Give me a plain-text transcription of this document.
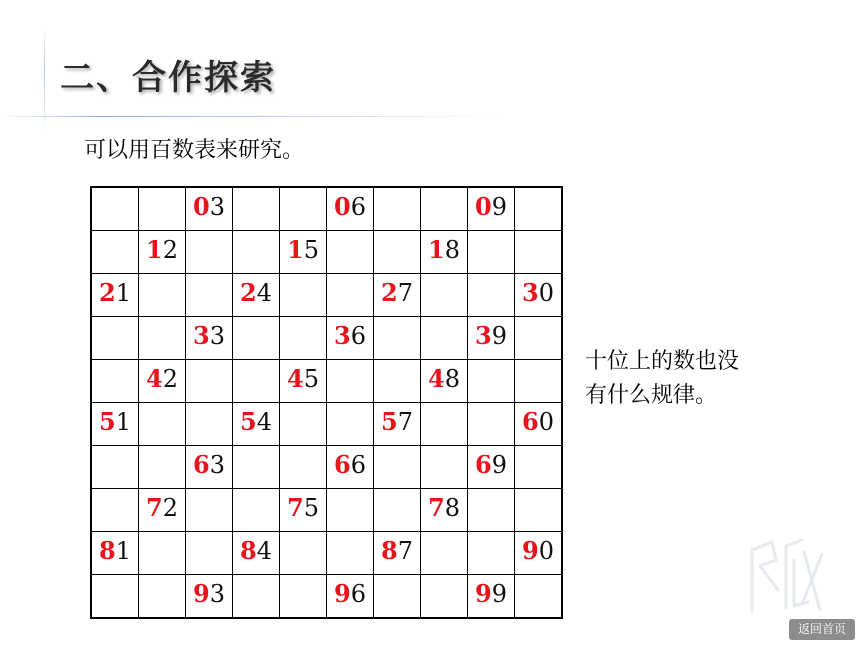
二、合作探索
可以用百数表来研究。
		03			06			09	
	12			15			18		
21			24			27			30
		33			36			39	
	42			45			48		
51			54			57			60
		63			66			69	
	72			75			78		
81			84			87			90
		93			96			99	
十位上的数也没
有什么规律。
返回首页
